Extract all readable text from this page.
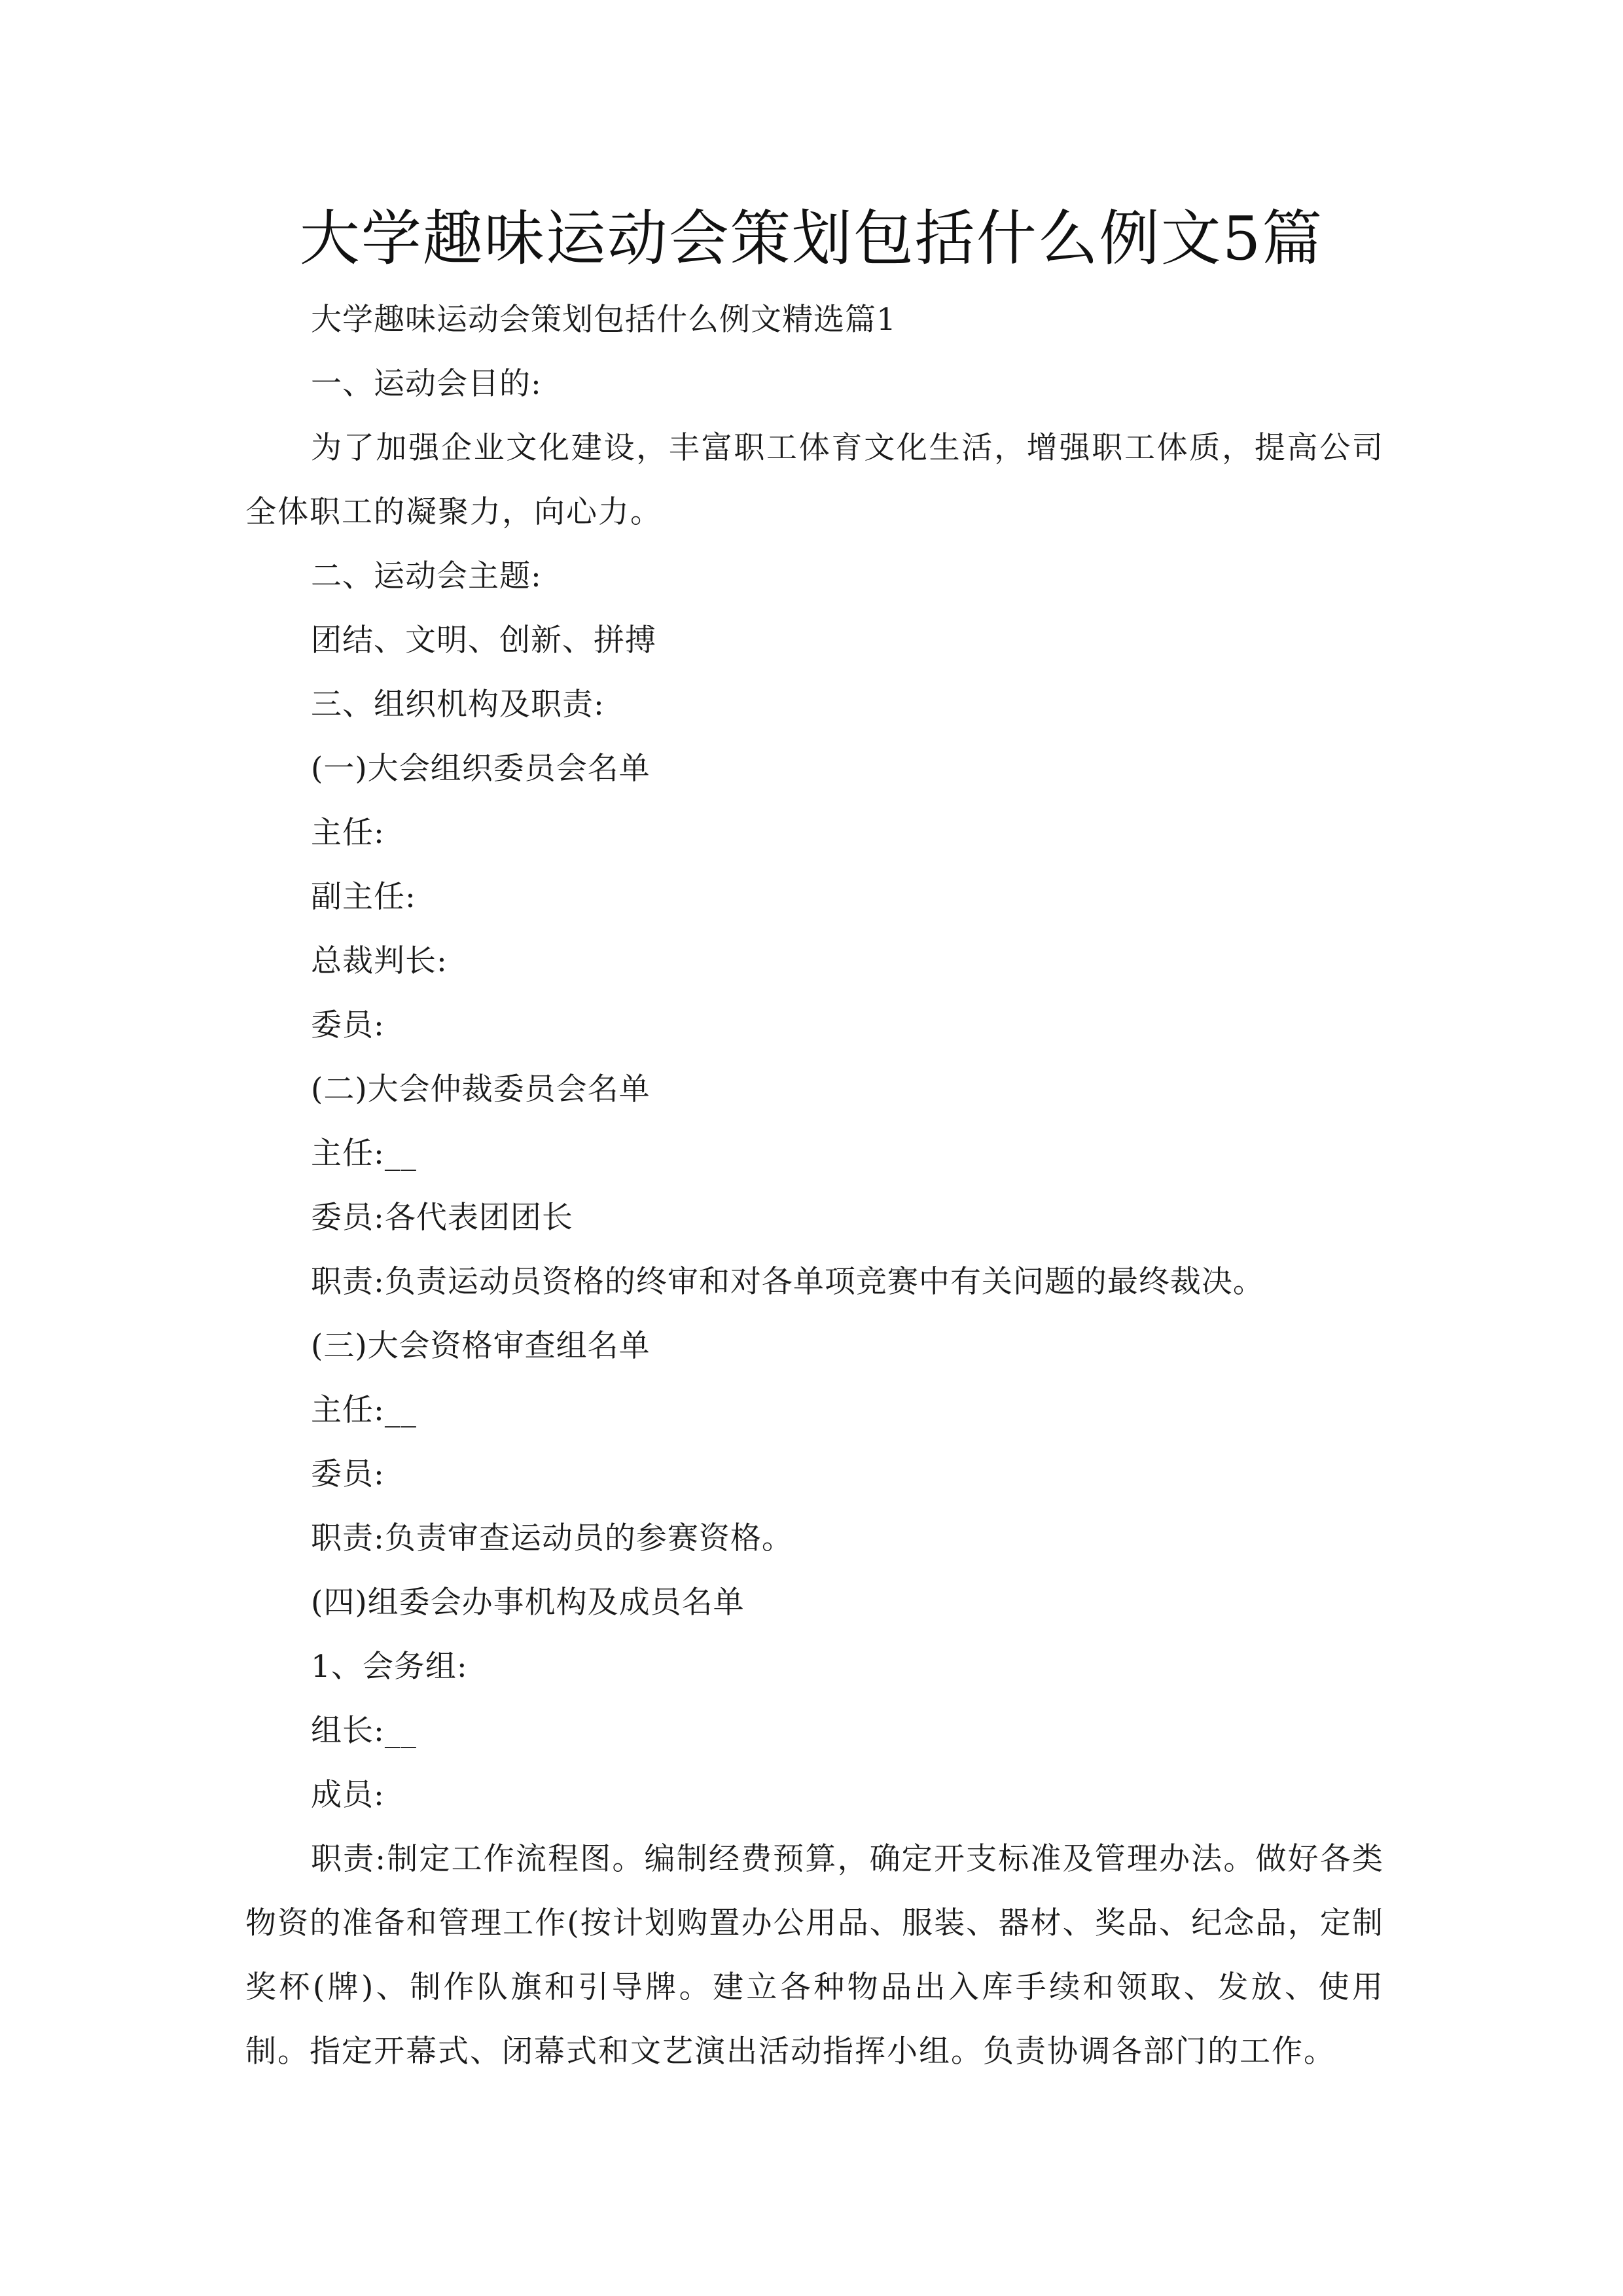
大学趣味运动会策划包括什么例文5篇

大学趣味运动会策划包括什么例文精选篇1

一、运动会目的:

为了加强企业文化建设，丰富职工体育文化生活，增强职工体质，提高公司全体职工的凝聚力，向心力。

二、运动会主题:

团结、文明、创新、拼搏

三、组织机构及职责:

(一)大会组织委员会名单

主任:

副主任:

总裁判长:

委员:

(二)大会仲裁委员会名单

主任:__

委员:各代表团团长

职责:负责运动员资格的终审和对各单项竞赛中有关问题的最终裁决。

(三)大会资格审查组名单

主任:__

委员:

职责:负责审查运动员的参赛资格。

(四)组委会办事机构及成员名单

1、会务组:

组长:__

成员:

职责:制定工作流程图。编制经费预算，确定开支标准及管理办法。做好各类物资的准备和管理工作(按计划购置办公用品、服装、器材、奖品、纪念品，定制奖杯(牌)、制作队旗和引导牌。建立各种物品出入库手续和领取、发放、使用制。指定开幕式、闭幕式和文艺演出活动指挥小组。负责协调各部门的工作。
